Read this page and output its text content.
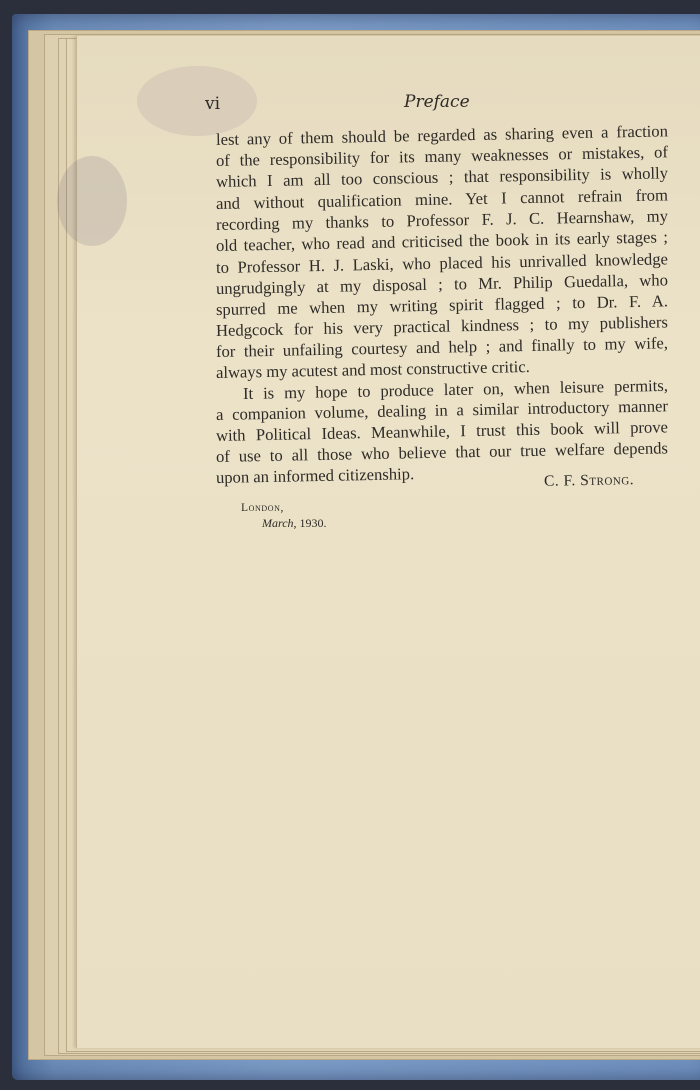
vi	Preface
lest any of them should be regarded as sharing even a fraction
of the responsibility for its many weaknesses or mistakes, of
which I am all too conscious ; that responsibility is wholly
and without qualification mine. Yet I cannot refrain from
recording my thanks to Professor F. J. C. Hearnshaw, my
old teacher, who read and criticised the book in its early stages ;
to Professor H. J. Laski, who placed his unrivalled knowledge
ungrudgingly at my disposal ; to Mr. Philip Guedalla, who
spurred me when my writing spirit flagged ; to Dr. F. A.
Hedgcock for his very practical kindness ; to my publishers
for their unfailing courtesy and help ; and finally to my wife,
always my acutest and most constructive critic.
It is my hope to produce later on, when leisure permits,
a companion volume, dealing in a similar introductory manner
with Political Ideas. Meanwhile, I trust this book will prove
of use to all those who believe that our true welfare depends
upon an informed citizenship.	C. F. Strong.
London,
March, 1930.
